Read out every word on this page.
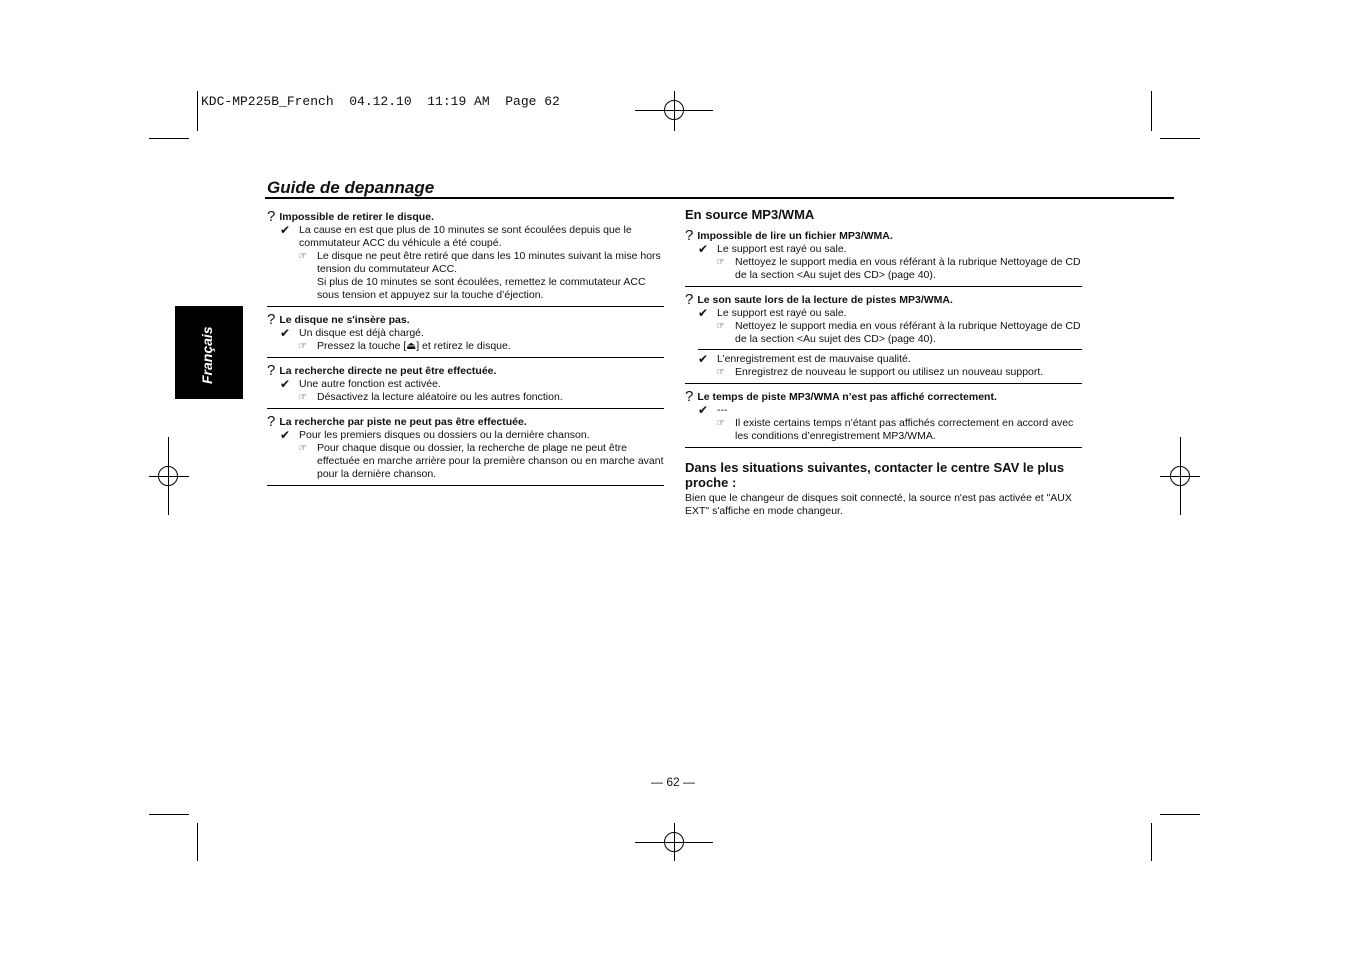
KDC-MP225B_French  04.12.10  11:19 AM  Page 62
Guide de depannage
Français
? Impossible de retirer le disque.
✔ La cause en est que plus de 10 minutes se sont écoulées depuis que le commutateur ACC du véhicule a été coupé.
☞ Le disque ne peut être retiré que dans les 10 minutes suivant la mise hors tension du commutateur ACC.
Si plus de 10 minutes se sont écoulées, remettez le commutateur ACC sous tension et appuyez sur la touche d’éjection.
? Le disque ne s'insère pas.
✔ Un disque est déjà chargé.
☞ Pressez la touche [⏏] et retirez le disque.
? La recherche directe ne peut être effectuée.
✔ Une autre fonction est activée.
☞ Désactivez la lecture aléatoire ou les autres fonction.
? La recherche par piste ne peut pas être effectuée.
✔ Pour les premiers disques ou dossiers ou la dernière chanson.
☞ Pour chaque disque ou dossier, la recherche de plage ne peut être effectuée en marche arrière pour la première chanson ou en marche avant pour la dernière chanson.
En source MP3/WMA
? Impossible de lire un fichier MP3/WMA.
✔ Le support est rayé ou sale.
☞ Nettoyez le support media en vous référant à la rubrique Nettoyage de CD de la section <Au sujet des CD> (page 40).
? Le son saute lors de la lecture de pistes MP3/WMA.
✔ Le support est rayé ou sale.
☞ Nettoyez le support media en vous référant à la rubrique Nettoyage de CD de la section <Au sujet des CD> (page 40).
✔ L’enregistrement est de mauvaise qualité.
☞ Enregistrez de nouveau le support ou utilisez un nouveau support.
? Le temps de piste MP3/WMA n’est pas affiché correctement.
✔ ---
☞ Il existe certains temps n’étant pas affichés correctement en accord avec les conditions d’enregistrement MP3/WMA.
Dans les situations suivantes, contacter le centre SAV le plus proche :
Bien que le changeur de disques soit connecté, la source n'est pas activée et "AUX EXT" s'affiche en mode changeur.
— 62 —
